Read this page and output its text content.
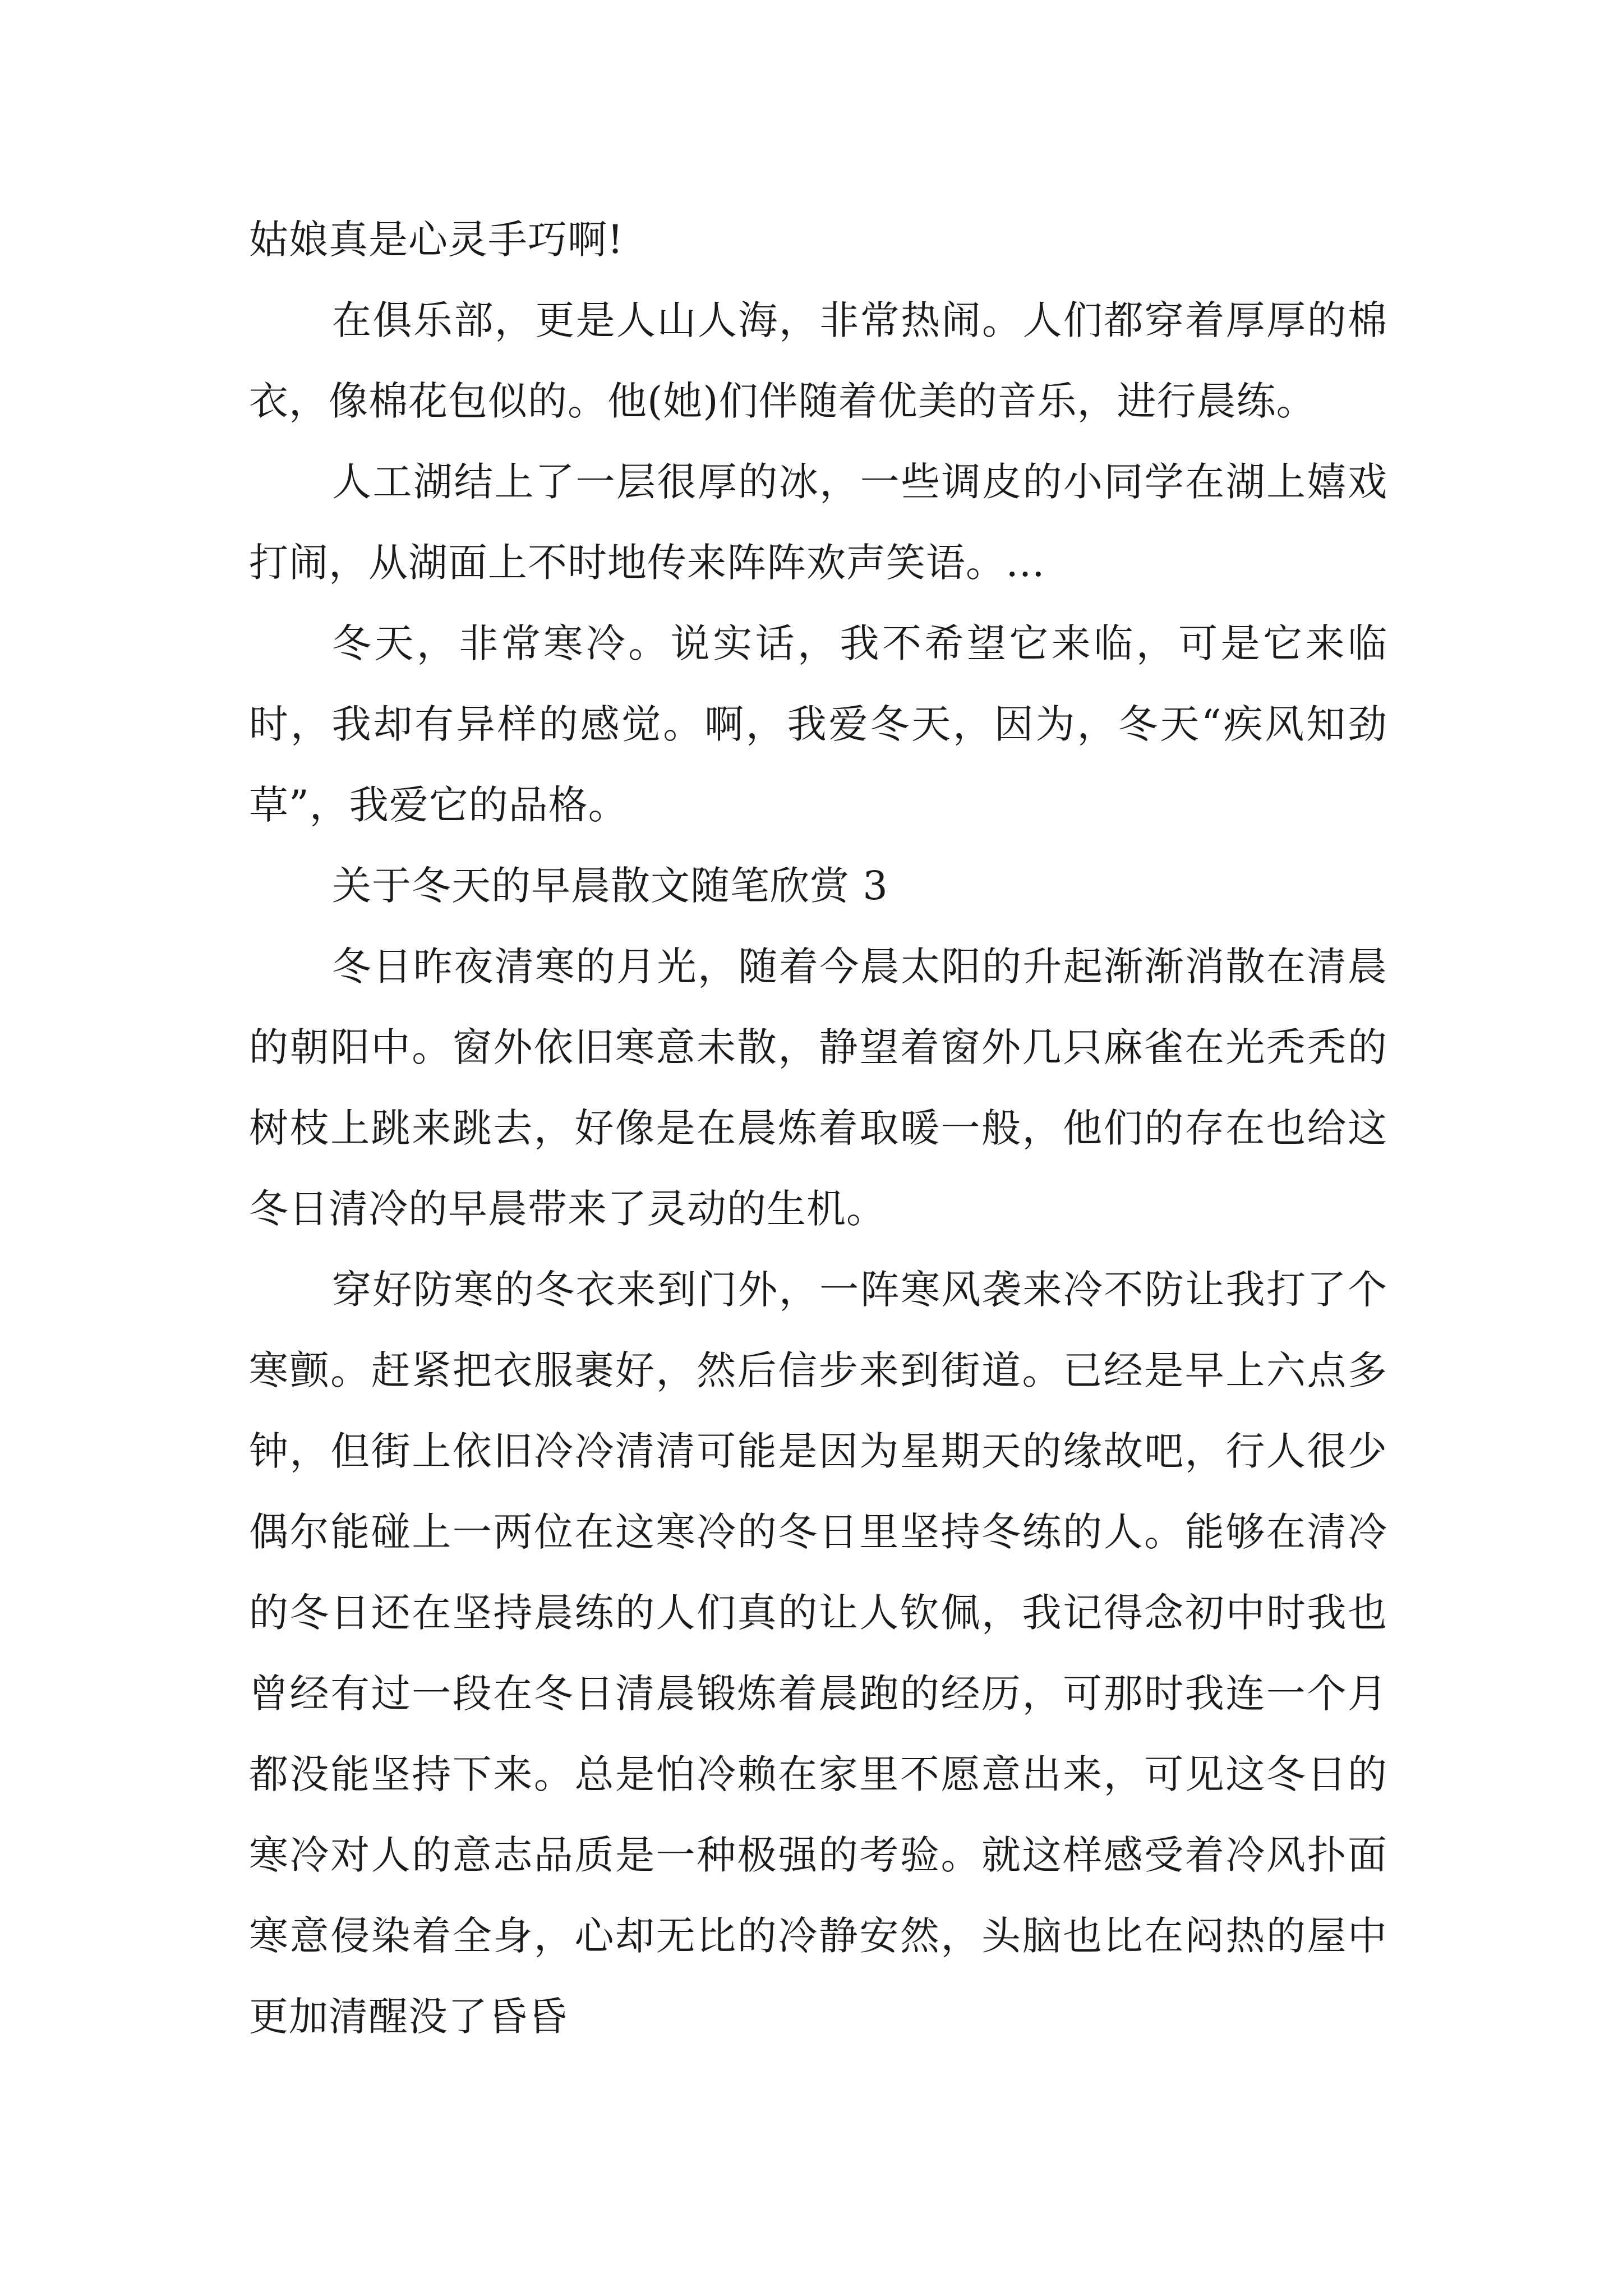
姑娘真是心灵手巧啊!

在俱乐部，更是人山人海，非常热闹。人们都穿着厚厚的棉衣，像棉花包似的。他(她)们伴随着优美的音乐，进行晨练。

人工湖结上了一层很厚的冰，一些调皮的小同学在湖上嬉戏打闹，从湖面上不时地传来阵阵欢声笑语。…

冬天，非常寒冷。说实话，我不希望它来临，可是它来临时，我却有异样的感觉。啊，我爱冬天，因为，冬天“疾风知劲草”，我爱它的品格。

关于冬天的早晨散文随笔欣赏 3

冬日昨夜清寒的月光，随着今晨太阳的升起渐渐消散在清晨的朝阳中。窗外依旧寒意未散，静望着窗外几只麻雀在光秃秃的树枝上跳来跳去，好像是在晨炼着取暖一般，他们的存在也给这冬日清冷的早晨带来了灵动的生机。

穿好防寒的冬衣来到门外，一阵寒风袭来冷不防让我打了个寒颤。赶紧把衣服裹好，然后信步来到街道。已经是早上六点多钟，但街上依旧冷冷清清可能是因为星期天的缘故吧，行人很少偶尔能碰上一两位在这寒冷的冬日里坚持冬练的人。能够在清冷的冬日还在坚持晨练的人们真的让人钦佩，我记得念初中时我也曾经有过一段在冬日清晨锻炼着晨跑的经历，可那时我连一个月都没能坚持下来。总是怕冷赖在家里不愿意出来，可见这冬日的寒冷对人的意志品质是一种极强的考验。就这样感受着冷风扑面寒意侵染着全身，心却无比的冷静安然，头脑也比在闷热的屋中更加清醒没了昏昏
